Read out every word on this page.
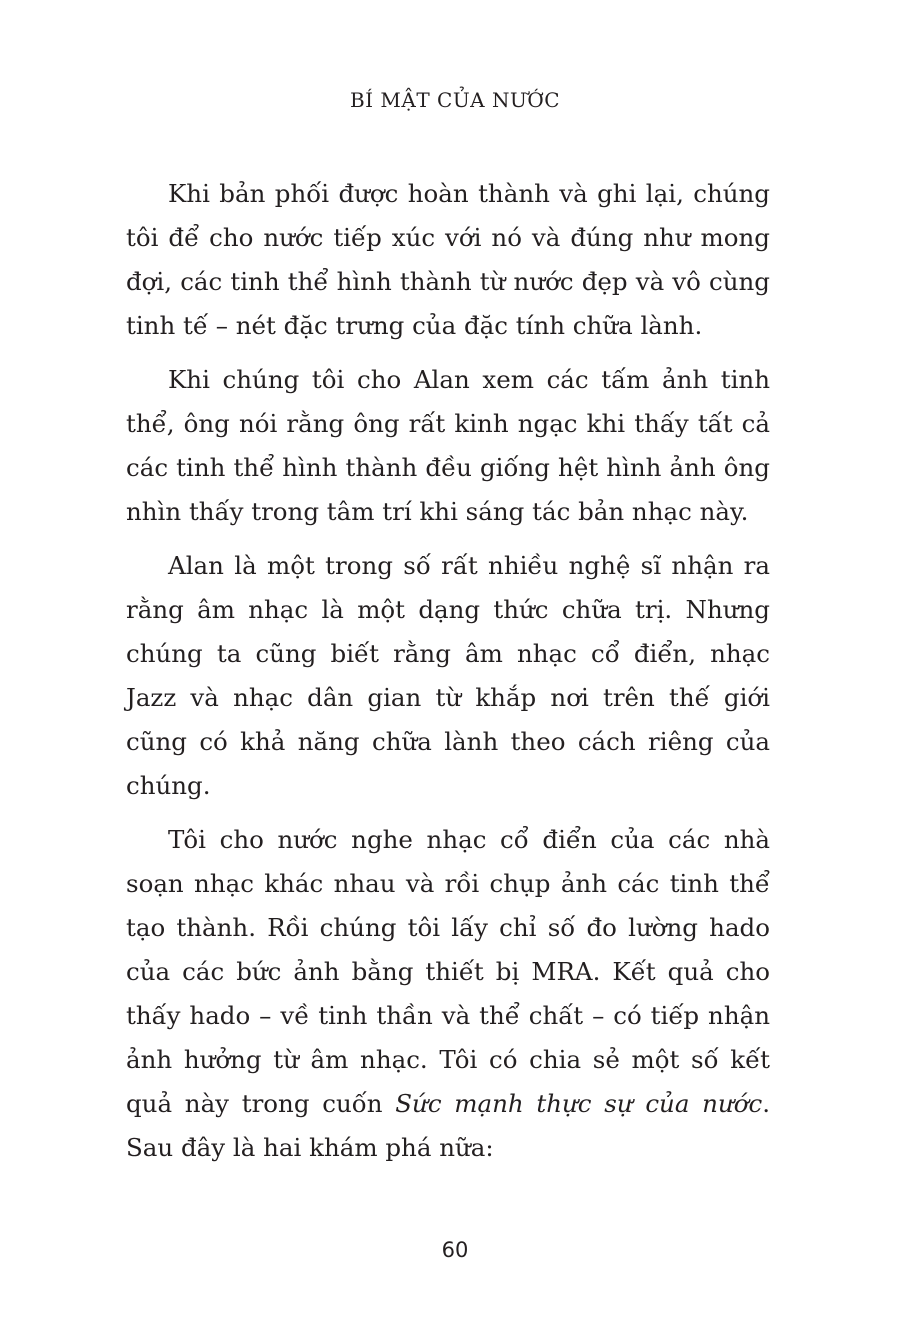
BÍ MẬT CỦA NƯỚC

Khi bản phối được hoàn thành và ghi lại, chúng tôi để cho nước tiếp xúc với nó và đúng như mong đợi, các tinh thể hình thành từ nước đẹp và vô cùng tinh tế – nét đặc trưng của đặc tính chữa lành.

Khi chúng tôi cho Alan xem các tấm ảnh tinh thể, ông nói rằng ông rất kinh ngạc khi thấy tất cả các tinh thể hình thành đều giống hệt hình ảnh ông nhìn thấy trong tâm trí khi sáng tác bản nhạc này.

Alan là một trong số rất nhiều nghệ sĩ nhận ra rằng âm nhạc là một dạng thức chữa trị. Nhưng chúng ta cũng biết rằng âm nhạc cổ điển, nhạc Jazz và nhạc dân gian từ khắp nơi trên thế giới cũng có khả năng chữa lành theo cách riêng của chúng.

Tôi cho nước nghe nhạc cổ điển của các nhà soạn nhạc khác nhau và rồi chụp ảnh các tinh thể tạo thành. Rồi chúng tôi lấy chỉ số đo lường hado của các bức ảnh bằng thiết bị MRA. Kết quả cho thấy hado – về tinh thần và thể chất – có tiếp nhận ảnh hưởng từ âm nhạc. Tôi có chia sẻ một số kết quả này trong cuốn Sức mạnh thực sự của nước. Sau đây là hai khám phá nữa:

60
